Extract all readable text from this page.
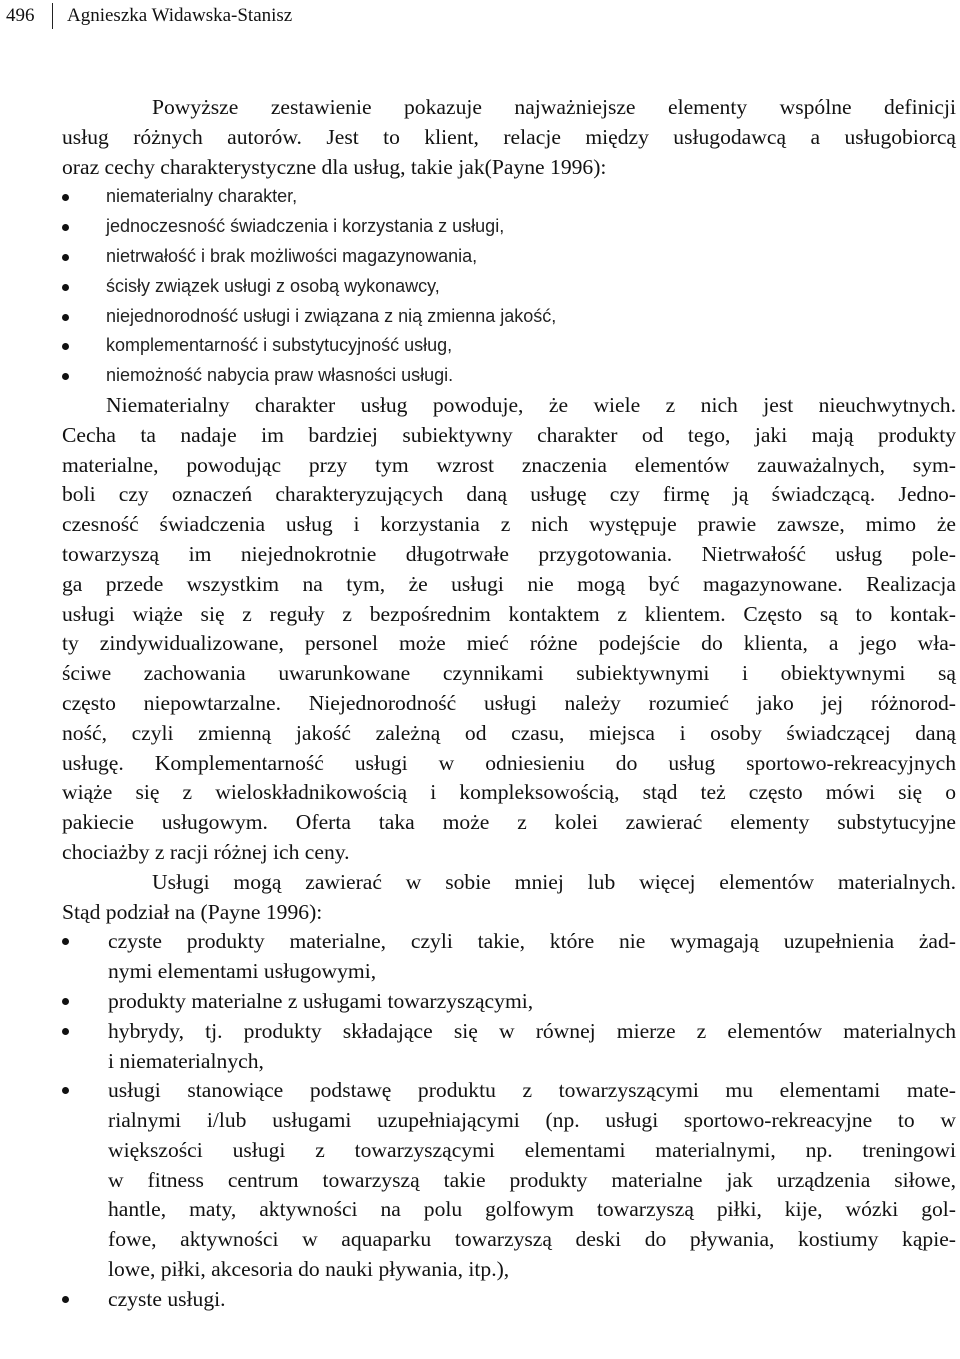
496 Agnieszka Widawska-Stanisz
Powyższe zestawienie pokazuje najważniejsze elementy wspólne definicji
usług różnych autorów. Jest to klient, relacje między usługodawcą a usługobiorcą
oraz cechy charakterystyczne dla usług, takie jak(Payne 1996):
niematerialny charakter,
jednoczesność świadczenia i korzystania z usługi,
nietrwałość i brak możliwości magazynowania,
ścisły związek usługi z osobą wykonawcy,
niejednorodność usługi i związana z nią zmienna jakość,
komplementarność i substytucyjność usług,
niemożność nabycia praw własności usługi.
Niematerialny charakter usług powoduje, że wiele z nich jest nieuchwytnych.
Cecha ta nadaje im bardziej subiektywny charakter od tego, jaki mają produkty
materialne, powodując przy tym wzrost znaczenia elementów zauważalnych, sym-
boli czy oznaczeń charakteryzujących daną usługę czy firmę ją świadczącą. Jedno-
czesność świadczenia usług i korzystania z nich występuje prawie zawsze, mimo że
towarzyszą im niejednokrotnie długotrwałe przygotowania. Nietrwałość usług pole-
ga przede wszystkim na tym, że usługi nie mogą być magazynowane. Realizacja
usługi wiąże się z reguły z bezpośrednim kontaktem z klientem. Często są to kontak-
ty zindywidualizowane, personel może mieć różne podejście do klienta, a jego wła-
ściwe zachowania uwarunkowane czynnikami subiektywnymi i obiektywnymi są
często niepowtarzalne. Niejednorodność usługi należy rozumieć jako jej różnorod-
ność, czyli zmienną jakość zależną od czasu, miejsca i osoby świadczącej daną
usługę. Komplementarność usługi w odniesieniu do usług sportowo-rekreacyjnych
wiąże się z wieloskładnikowością i kompleksowością, stąd też często mówi się o
pakiecie usługowym. Oferta taka może z kolei zawierać elementy substytucyjne
chociażby z racji różnej ich ceny.
Usługi mogą zawierać w sobie mniej lub więcej elementów materialnych.
Stąd podział na (Payne 1996):
czyste produkty materialne, czyli takie, które nie wymagają uzupełnienia żad-
nymi elementami usługowymi,
produkty materialne z usługami towarzyszącymi,
hybrydy, tj. produkty składające się w równej mierze z elementów materialnych
i niematerialnych,
usługi stanowiące podstawę produktu z towarzyszącymi mu elementami mate-
rialnymi i/lub usługami uzupełniającymi (np. usługi sportowo-rekreacyjne to w
większości usługi z towarzyszącymi elementami materialnymi, np. treningowi
w fitness centrum towarzyszą takie produkty materialne jak urządzenia siłowe,
hantle, maty, aktywności na polu golfowym towarzyszą piłki, kije, wózki gol-
fowe, aktywności w aquaparku towarzyszą deski do pływania, kostiumy kąpie-
lowe, piłki, akcesoria do nauki pływania, itp.),
czyste usługi.
